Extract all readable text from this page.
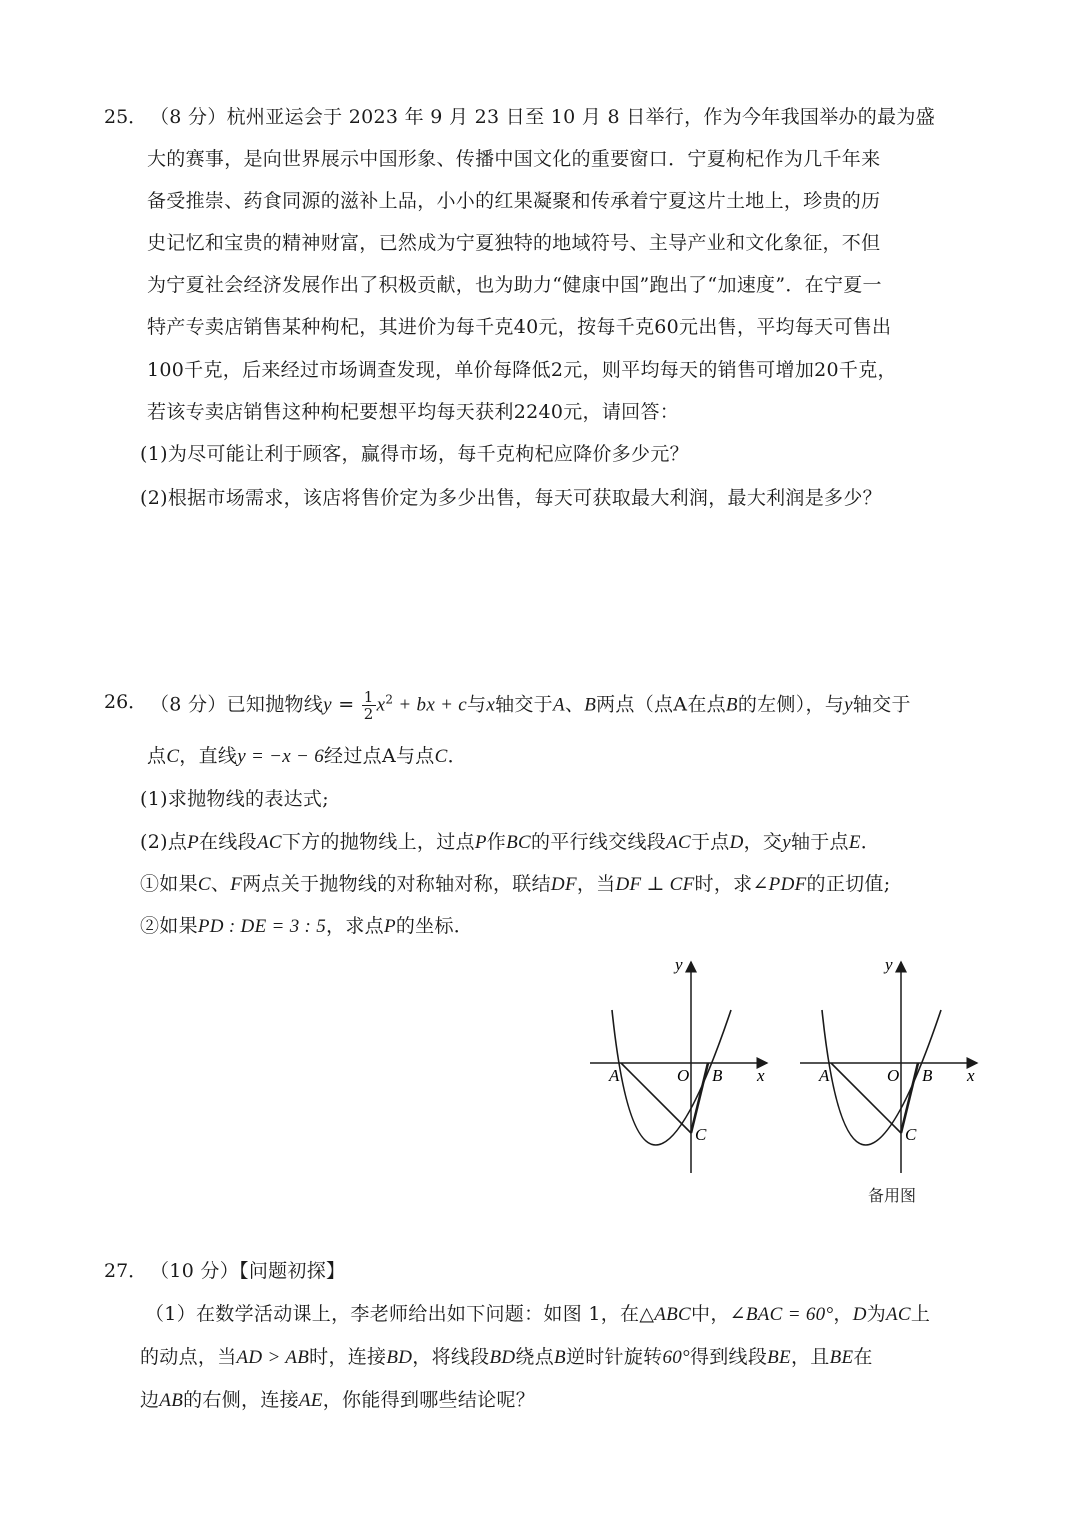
25． （8 分）杭州亚运会于 2023 年 9 月 23 日至 10 月 8 日举行，作为今年我国举办的最为盛
大的赛事，是向世界展示中国形象、传播中国文化的重要窗口．宁夏枸杞作为几千年来
备受推崇、药食同源的滋补上品，小小的红果凝聚和传承着宁夏这片土地上，珍贵的历
史记忆和宝贵的精神财富，已然成为宁夏独特的地域符号、主导产业和文化象征，不但
为宁夏社会经济发展作出了积极贡献，也为助力“健康中国”跑出了“加速度”．在宁夏一
特产专卖店销售某种枸杞，其进价为每千克40元，按每千克60元出售，平均每天可售出
100千克，后来经过市场调查发现，单价每降低2元，则平均每天的销售可增加20千克，
若该专卖店销售这种枸杞要想平均每天获利2240元，请回答：
(1)为尽可能让利于顾客，赢得市场，每千克枸杞应降价多少元？
(2)根据市场需求，该店将售价定为多少出售，每天可获取最大利润，最大利润是多少？
26． （8 分）已知抛物线$y = \frac{1}{2} x^2$ + bx + c与x轴交于A、B两点（点A在点B的左侧），与y轴交于
点C，直线y = −x − 6经过点A与点C．
(1)求抛物线的表达式;
(2)点P在线段AC下方的抛物线上，过点P作BC的平行线交线段AC于点D，交y轴于点E．
①如果C、F两点关于抛物线的对称轴对称，联结DF，当DF ⊥ CF时，求∠PDF的正切值;
②如果PD : DE = 3 : 5，求点P的坐标．
y
A	O B x
C
y
A	O B x
C
备用图
27． （10 分）【问题初探】
（1）在数学活动课上，李老师给出如下问题：如图 1，在△ABC中，∠BAC = 60°，D为AC上
的动点，当AD > AB时，连接BD，将线段BD绕点B逆时针旋转60°得到线段BE，且BE在
边AB的右侧，连接AE，你能得到哪些结论呢？
